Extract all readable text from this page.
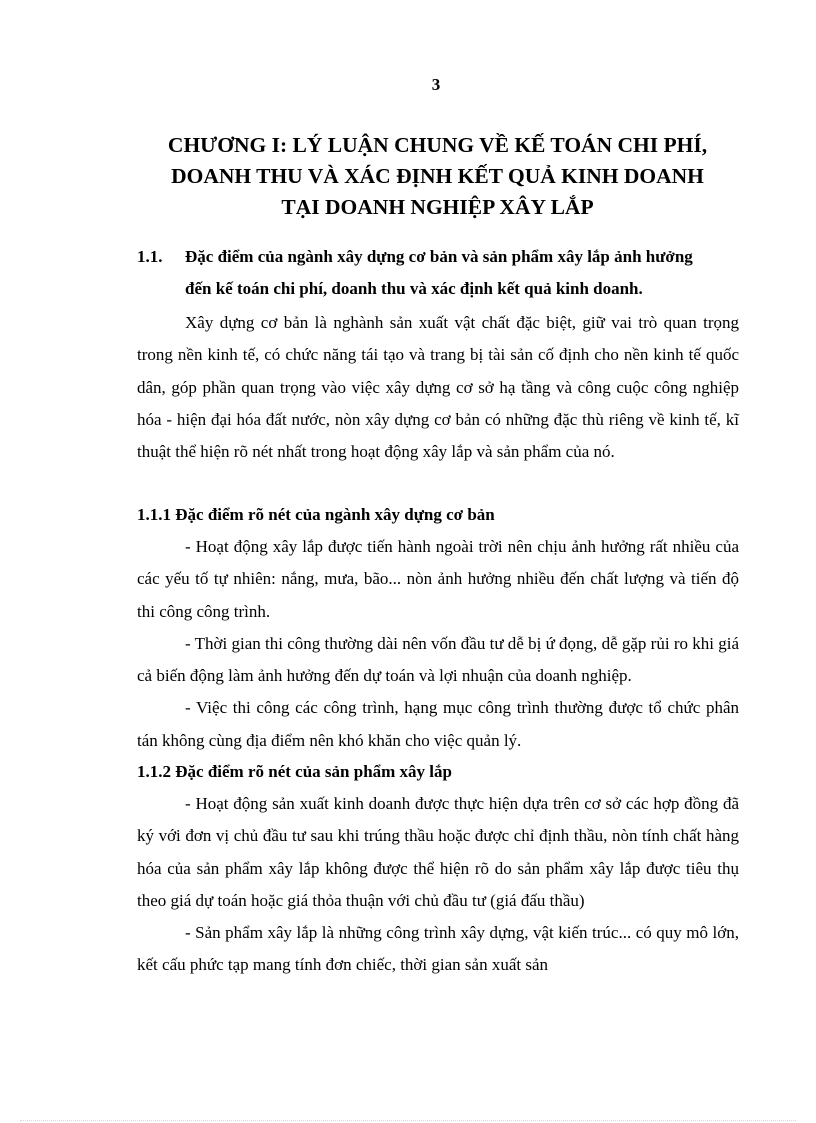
3
CHƯƠNG I: LÝ LUẬN CHUNG VỀ KẾ TOÁN CHI PHÍ,
DOANH THU VÀ XÁC ĐỊNH KẾT QUẢ KINH DOANH
TẠI DOANH NGHIỆP XÂY LẮP
1.1. Đặc điểm của ngành xây dựng cơ bản và sản phẩm xây lắp ảnh hưởng
đến kế toán chi phí, doanh thu và xác định kết quả kinh doanh.
Xây dựng cơ bản là nghành sản xuất vật chất đặc biệt, giữ vai trò quan trọng trong nền kinh tế, có chức năng tái tạo và trang bị tài sản cố định cho nền kinh tế quốc dân, góp phần quan trọng vào việc xây dựng cơ sở hạ tầng và công cuộc công nghiệp hóa - hiện đại hóa đất nước, nòn xây dựng cơ bản có những đặc thù riêng về kinh tế, kĩ thuật thể hiện rõ nét nhất trong hoạt động xây lắp và sản phẩm của nó.
1.1.1 Đặc điểm rõ nét của ngành xây dựng cơ bản
- Hoạt động xây lắp được tiến hành ngoài trời nên chịu ảnh hưởng rất nhiều của các yếu tố tự nhiên: nắng, mưa, bão... nòn ảnh hưởng nhiều đến chất lượng và tiến độ thi công công trình.
- Thời gian thi công thường dài nên vốn đầu tư dễ bị ứ đọng, dễ gặp rủi ro khi giá cả biến động làm ảnh hưởng đến dự toán và lợi nhuận của doanh nghiệp.
- Việc thi công các công trình, hạng mục công trình thường được tổ chức phân tán không cùng địa điểm nên khó khăn cho việc quản lý.
1.1.2 Đặc điểm rõ nét của sản phẩm xây lắp
- Hoạt động sản xuất kinh doanh được thực hiện dựa trên cơ sở các hợp đồng đã ký với đơn vị chủ đầu tư sau khi trúng thầu hoặc được chỉ định thầu, nòn tính chất hàng hóa của sản phẩm xây lắp không được thể hiện rõ do sản phẩm xây lắp được tiêu thụ theo giá dự toán hoặc giá thỏa thuận với chủ đầu tư (giá đấu thầu)
- Sản phẩm xây lắp là những công trình xây dựng, vật kiến trúc... có quy mô lớn, kết cấu phức tạp mang tính đơn chiếc, thời gian sản xuất sản
